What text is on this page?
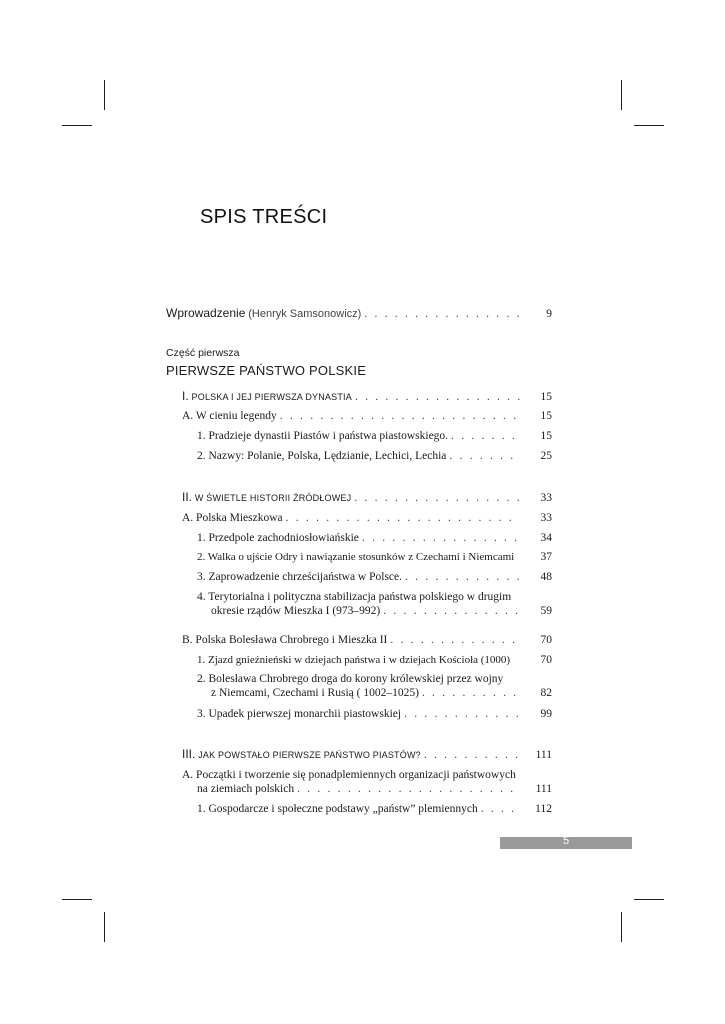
SPIS TREŚCI
Wprowadzenie (Henryk Samsonowicz) . . .	9
Część pierwsza
PIERWSZE PAŃSTWO POLSKIE
I. POLSKA I JEJ PIERWSZA DYNASTIA . . .	15
A. W cieniu legendy . . .	15
1. Pradzieje dynastii Piastów i państwa piastowskiego. . . .	15
2. Nazwy: Polanie, Polska, Lędzianie, Lechici, Lechia . . .	25
II. W ŚWIETLE HISTORII ŹRÓDŁOWEJ . . .	33
A. Polska Mieszkowa . . .	33
1. Przedpole zachodniosłowiańskie . . .	34
2. Walka o ujście Odry i nawiązanie stosunków z Czechami i Niemcami	37
3. Zaprowadzenie chrześcijaństwa w Polsce. . . .	48
4. Terytorialna i polityczna stabilizacja państwa polskiego w drugim
okresie rządów Mieszka I (973–992) . . .	59
B. Polska Bolesława Chrobrego i Mieszka II . . .	70
1. Zjazd gnieźnieński w dziejach państwa i w dziejach Kościoła (1000)	70
2. Bolesława Chrobrego droga do korony królewskiej przez wojny
z Niemcami, Czechami i Rusią ( 1002–1025) . . .	82
3. Upadek pierwszej monarchii piastowskiej . . .	99
III. JAK POWSTAŁO PIERWSZE PAŃSTWO PIASTÓW? . . .	111
A. Początki i tworzenie się ponadplemiennych organizacji państwowych
na ziemiach polskich . . .	111
1. Gospodarcze i społeczne podstawy „państw” plemiennych . . .	112
5
